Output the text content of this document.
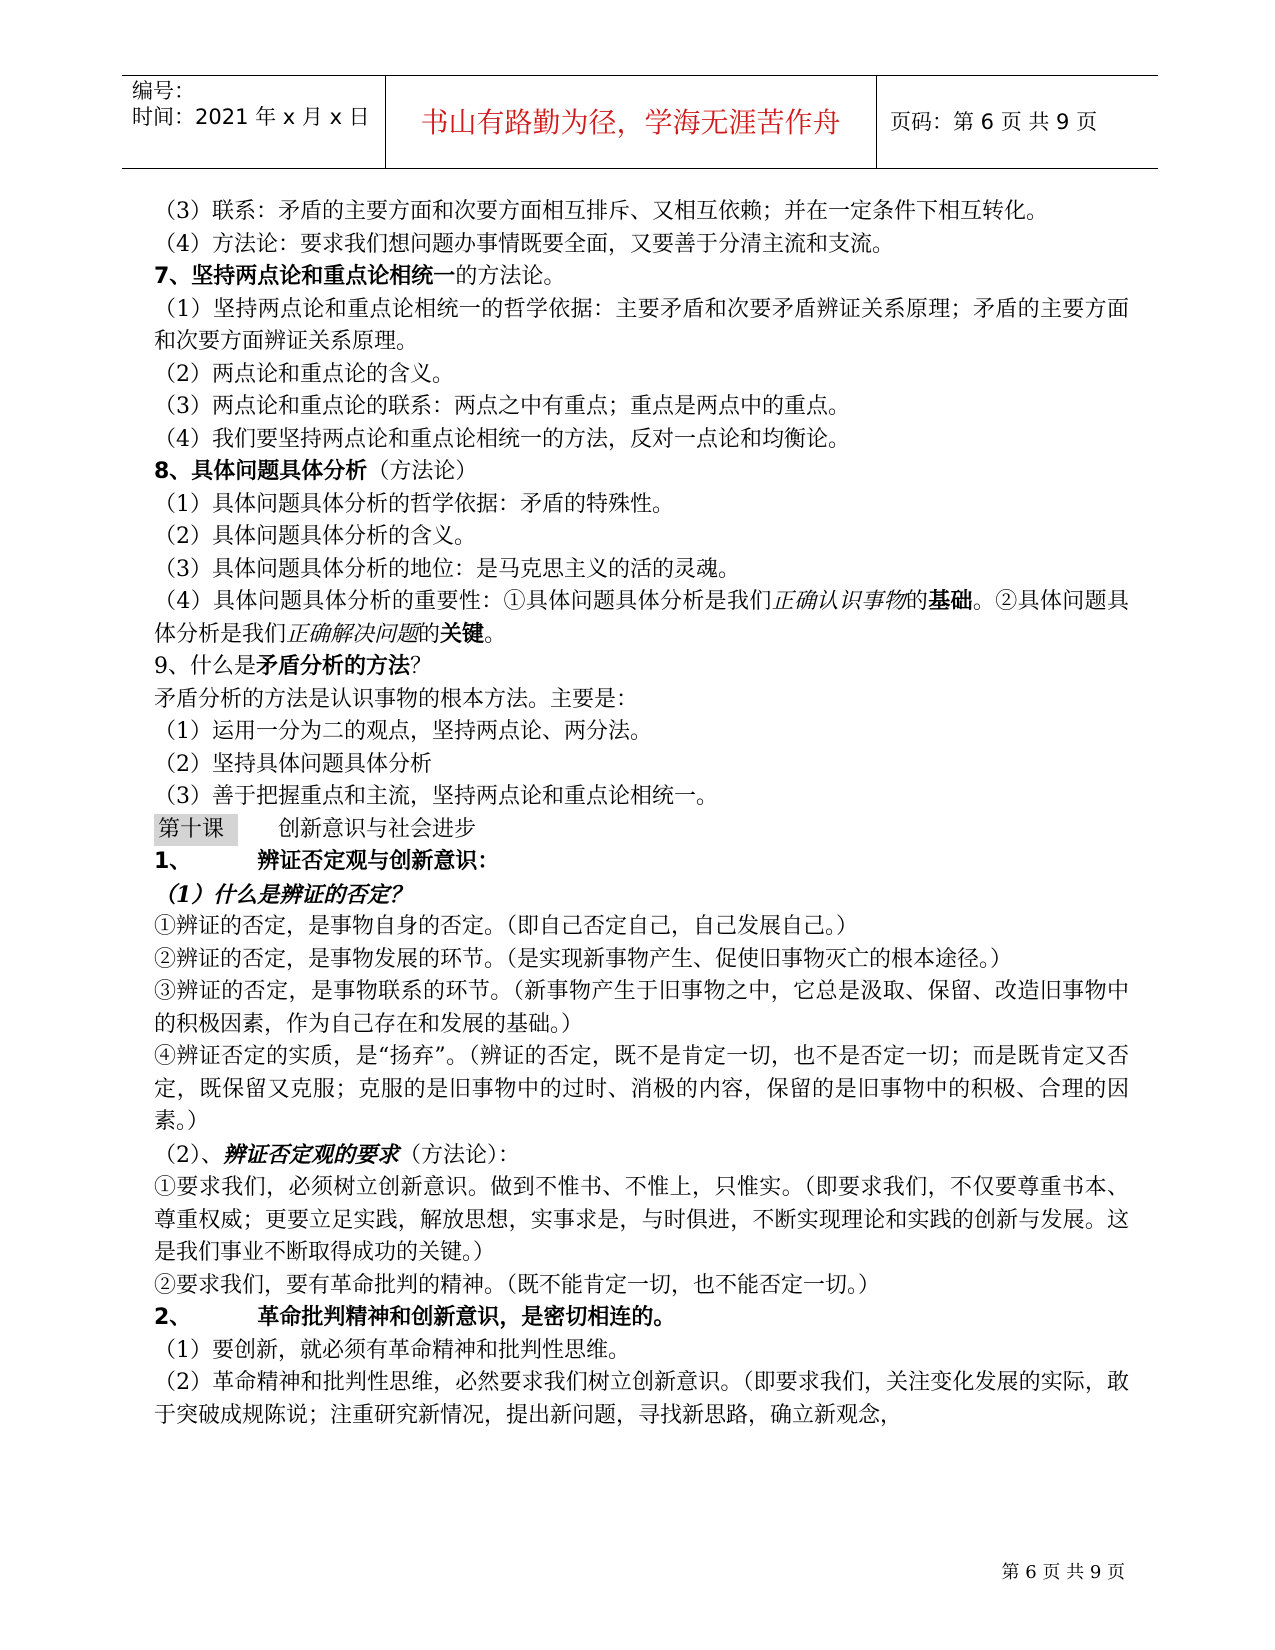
编号：
时间：2021 年 x 月 x 日	书山有路勤为径，学海无涯苦作舟	页码：第 6 页 共 9 页

（3）联系：矛盾的主要方面和次要方面相互排斥、又相互依赖；并在一定条件下相互转化。

（4）方法论：要求我们想问题办事情既要全面，又要善于分清主流和支流。

7、坚持两点论和重点论相统一的方法论。

（1）坚持两点论和重点论相统一的哲学依据：主要矛盾和次要矛盾辨证关系原理；矛盾的主要方面和次要方面辨证关系原理。

（2）两点论和重点论的含义。

（3）两点论和重点论的联系：两点之中有重点；重点是两点中的重点。

（4）我们要坚持两点论和重点论相统一的方法，反对一点论和均衡论。

8、具体问题具体分析（方法论）

（1）具体问题具体分析的哲学依据：矛盾的特殊性。

（2）具体问题具体分析的含义。

（3）具体问题具体分析的地位：是马克思主义的活的灵魂。

（4）具体问题具体分析的重要性：①具体问题具体分析是我们正确认识事物的基础。②具体问题具体分析是我们正确解决问题的关键。

9、什么是矛盾分析的方法？

矛盾分析的方法是认识事物的根本方法。主要是：

（1）运用一分为二的观点，坚持两点论、两分法。

（2）坚持具体问题具体分析

（3）善于把握重点和主流，坚持两点论和重点论相统一。

第十课 创新意识与社会进步

1、	辨证否定观与创新意识：

（1）什么是辨证的否定？

①辨证的否定，是事物自身的否定。（即自己否定自己，自己发展自己。）

②辨证的否定，是事物发展的环节。（是实现新事物产生、促使旧事物灭亡的根本途径。）

③辨证的否定，是事物联系的环节。（新事物产生于旧事物之中，它总是汲取、保留、改造旧事物中的积极因素，作为自己存在和发展的基础。）

④辨证否定的实质，是“扬弃”。（辨证的否定，既不是肯定一切，也不是否定一切；而是既肯定又否定，既保留又克服；克服的是旧事物中的过时、消极的内容，保留的是旧事物中的积极、合理的因素。）

（2）、辨证否定观的要求（方法论）：

①要求我们，必须树立创新意识。做到不惟书、不惟上，只惟实。（即要求我们，不仅要尊重书本、尊重权威；更要立足实践，解放思想，实事求是，与时俱进，不断实现理论和实践的创新与发展。这是我们事业不断取得成功的关键。）

②要求我们，要有革命批判的精神。（既不能肯定一切，也不能否定一切。）

2、	革命批判精神和创新意识，是密切相连的。

（1）要创新，就必须有革命精神和批判性思维。

（2）革命精神和批判性思维，必然要求我们树立创新意识。（即要求我们，关注变化发展的实际，敢于突破成规陈说；注重研究新情况，提出新问题，寻找新思路，确立新观念，

第 6 页 共 9 页
